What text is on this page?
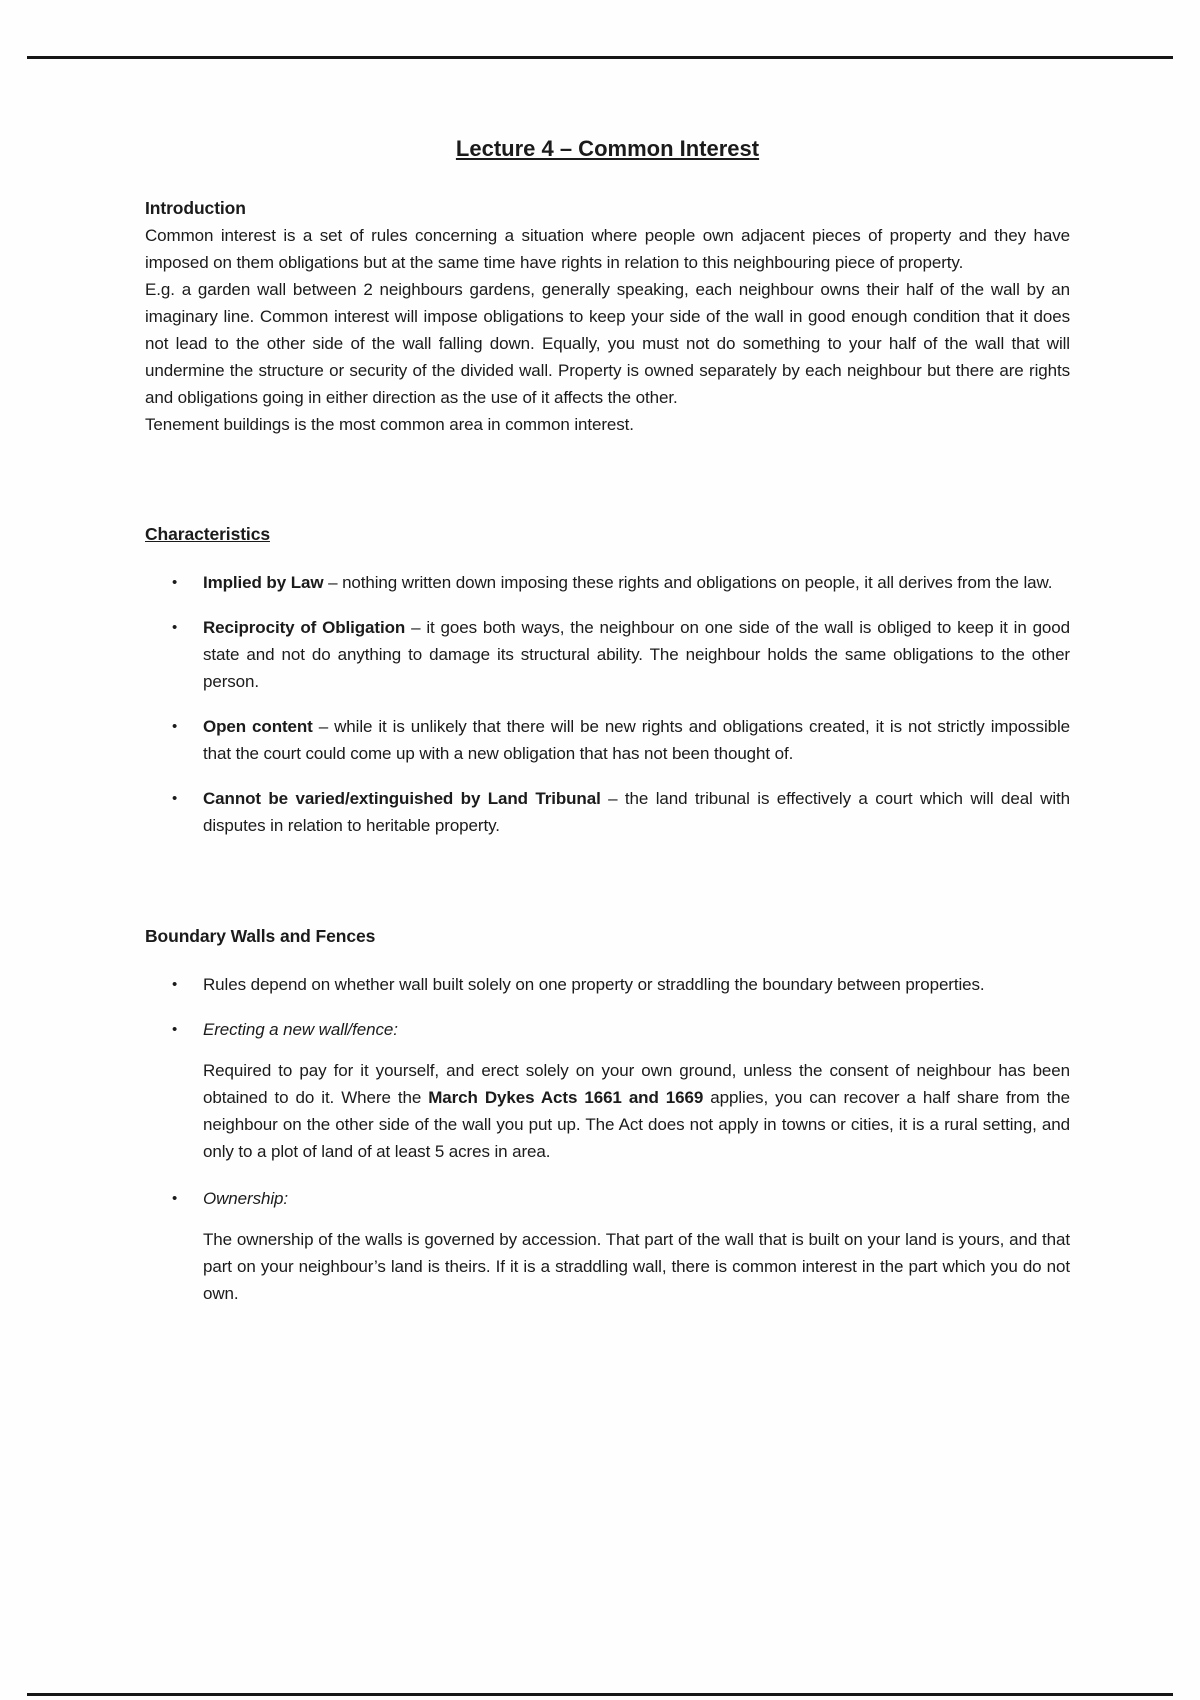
Lecture 4 – Common Interest
Introduction

Common interest is a set of rules concerning a situation where people own adjacent pieces of property and they have imposed on them obligations but at the same time have rights in relation to this neighbouring piece of property.

E.g. a garden wall between 2 neighbours gardens, generally speaking, each neighbour owns their half of the wall by an imaginary line. Common interest will impose obligations to keep your side of the wall in good enough condition that it does not lead to the other side of the wall falling down. Equally, you must not do something to your half of the wall that will undermine the structure or security of the divided wall. Property is owned separately by each neighbour but there are rights and obligations going in either direction as the use of it affects the other.

Tenement buildings is the most common area in common interest.

Characteristics
•	Implied by Law – nothing written down imposing these rights and obligations on people, it all derives from the law.
•	Reciprocity of Obligation – it goes both ways, the neighbour on one side of the wall is obliged to keep it in good state and not do anything to damage its structural ability. The neighbour holds the same obligations to the other person.
•	Open content – while it is unlikely that there will be new rights and obligations created, it is not strictly impossible that the court could come up with a new obligation that has not been thought of.
•	Cannot be varied/extinguished by Land Tribunal – the land tribunal is effectively a court which will deal with disputes in relation to heritable property.
Boundary Walls and Fences
•	Rules depend on whether wall built solely on one property or straddling the boundary between properties.
•	Erecting a new wall/fence:

Required to pay for it yourself, and erect solely on your own ground, unless the consent of neighbour has been obtained to do it. Where the March Dykes Acts 1661 and 1669 applies, you can recover a half share from the neighbour on the other side of the wall you put up. The Act does not apply in towns or cities, it is a rural setting, and only to a plot of land of at least 5 acres in area.

•	Ownership:

The ownership of the walls is governed by accession. That part of the wall that is built on your land is yours, and that part on your neighbour’s land is theirs. If it is a straddling wall, there is common interest in the part which you do not own.
